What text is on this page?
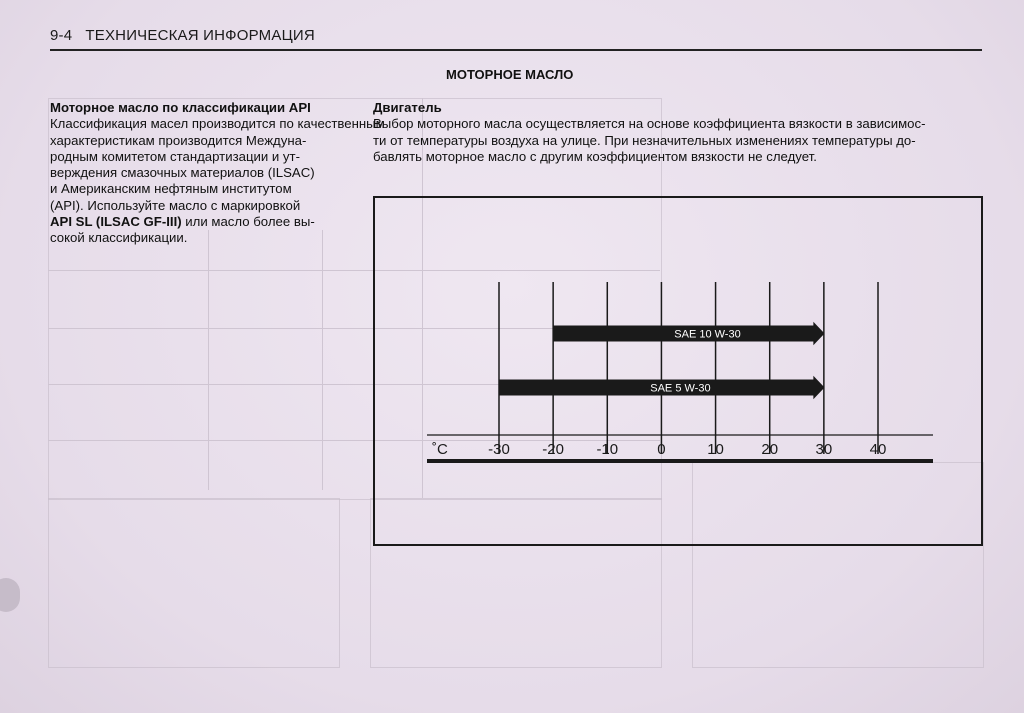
9-4 ТЕХНИЧЕСКАЯ ИНФОРМАЦИЯ
МОТОРНОЕ МАСЛО
Моторное масло по классификации API
Классификация масел производится по качественным
характеристикам производится Междуна-
родным комитетом стандартизации и ут-
верждения смазочных материалов (ILSAC)
и Американским нефтяным институтом
(API). Используйте масло с маркировкой
API SL (ILSAC GF-III) или масло более вы-
сокой классификации.
Двигатель
Выбор моторного масла осуществляется на основе коэффициента вязкости в зависимос-
ти от температуры воздуха на улице. При незначительных изменениях температуры до-
бавлять моторное масло с другим коэффициентом вязкости не следует.
˚C	-30 -20 -10	0	10 20 30 40
SAE 10 W-30
SAE 5 W-30
